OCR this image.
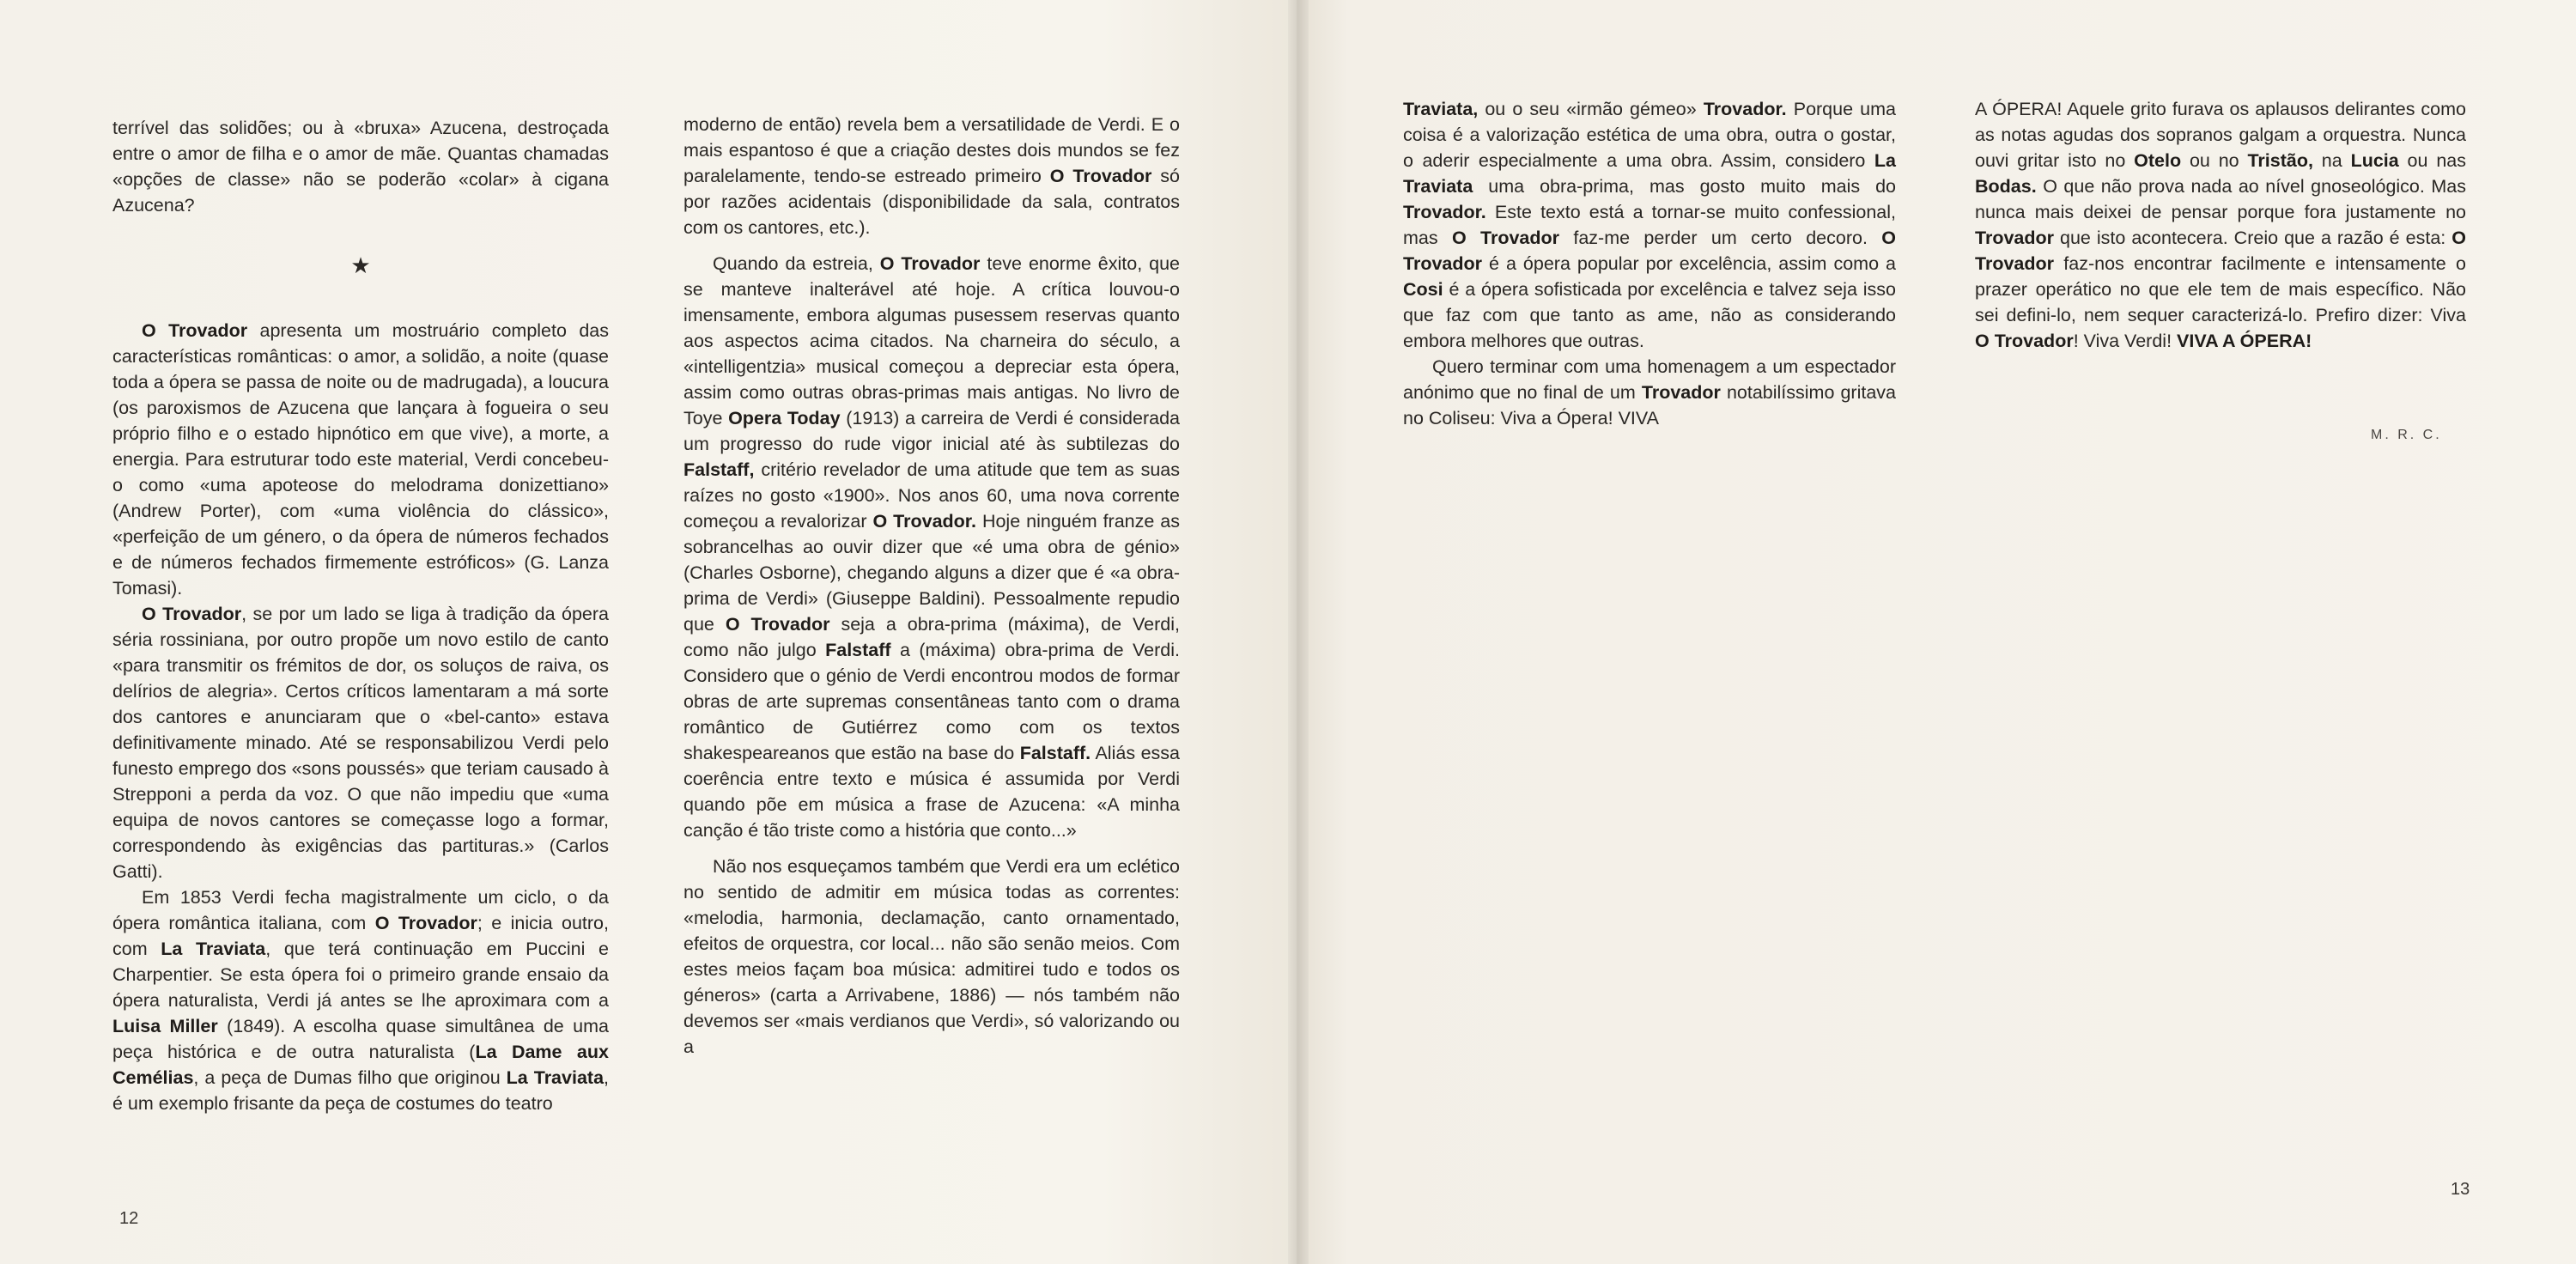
terrível das solidões; ou à «bruxa» Azucena, destroçada entre o amor de filha e o amor de mãe. Quantas chamadas «opções de classe» não se poderão «colar» à cigana Azucena?

★

O Trovador apresenta um mostruário completo das características românticas: o amor, a solidão, a noite (quase toda a ópera se passa de noite ou de madrugada), a loucura (os paroxismos de Azucena que lançara à fogueira o seu próprio filho e o estado hipnótico em que vive), a morte, a energia. Para estruturar todo este material, Verdi concebeu-o como «uma apoteose do melodrama donizettiano» (Andrew Porter), com «uma violência do clássico», «perfeição de um género, o da ópera de números fechados e de números fechados firmemente estróficos» (G. Lanza Tomasi).

O Trovador, se por um lado se liga à tradição da ópera séria rossiniana, por outro propõe um novo estilo de canto «para transmitir os frémitos de dor, os soluços de raiva, os delírios de alegria». Certos críticos lamentaram a má sorte dos cantores e anunciaram que o «bel-canto» estava definitivamente minado. Até se responsabilizou Verdi pelo funesto emprego dos «sons poussés» que teriam causado à Strepponi a perda da voz. O que não impediu que «uma equipa de novos cantores se começasse logo a formar, correspondendo às exigências das partituras.» (Carlos Gatti).

Em 1853 Verdi fecha magistralmente um ciclo, o da ópera romântica italiana, com O Trovador; e inicia outro, com La Traviata, que terá continuação em Puccini e Charpentier. Se esta ópera foi o primeiro grande ensaio da ópera naturalista, Verdi já antes se lhe aproximara com a Luisa Miller (1849). A escolha quase simultânea de uma peça histórica e de outra naturalista (La Dame aux Cemélias, a peça de Dumas filho que originou La Traviata, é um exemplo frisante da peça de costumes do teatro

moderno de então) revela bem a versatilidade de Verdi. E o mais espantoso é que a criação destes dois mundos se fez paralelamente, tendo-se estreado primeiro O Trovador só por razões acidentais (disponibilidade da sala, contratos com os cantores, etc.).

Quando da estreia, O Trovador teve enorme êxito, que se manteve inalterável até hoje. A crítica louvou-o imensamente, embora algumas pusessem reservas quanto aos aspectos acima citados. Na charneira do século, a «intelligentzia» musical começou a depreciar esta ópera, assim como outras obras-primas mais antigas. No livro de Toye Opera Today (1913) a carreira de Verdi é considerada um progresso do rude vigor inicial até às subtilezas do Falstaff, critério revelador de uma atitude que tem as suas raízes no gosto «1900». Nos anos 60, uma nova corrente começou a revalorizar O Trovador. Hoje ninguém franze as sobrancelhas ao ouvir dizer que «é uma obra de génio» (Charles Osborne), chegando alguns a dizer que é «a obra-prima de Verdi» (Giuseppe Baldini). Pessoalmente repudio que O Trovador seja a obra-prima (máxima), de Verdi, como não julgo Falstaff a (máxima) obra-prima de Verdi. Considero que o génio de Verdi encontrou modos de formar obras de arte supremas consentâneas tanto com o drama romântico de Gutiérrez como com os textos shakespeareanos que estão na base do Falstaff. Aliás essa coerência entre texto e música é assumida por Verdi quando põe em música a frase de Azucena: «A minha canção é tão triste como a história que conto...»

Não nos esqueçamos também que Verdi era um eclético no sentido de admitir em música todas as correntes: «melodia, harmonia, declamação, canto ornamentado, efeitos de orquestra, cor local... não são senão meios. Com estes meios façam boa música: admitirei tudo e todos os géneros» (carta a Arrivabene, 1886) — nós também não devemos ser «mais verdianos que Verdi», só valorizando ou a

Traviata, ou o seu «irmão gémeo» Trovador. Porque uma coisa é a valorização estética de uma obra, outra o gostar, o aderir especialmente a uma obra. Assim, considero La Traviata uma obra-prima, mas gosto muito mais do Trovador. Este texto está a tornar-se muito confessional, mas O Trovador faz-me perder um certo decoro. O Trovador é a ópera popular por excelência, assim como a Cosi é a ópera sofisticada por excelência e talvez seja isso que faz com que tanto as ame, não as considerando embora melhores que outras.

Quero terminar com uma homenagem a um espectador anónimo que no final de um Trovador notabilíssimo gritava no Coliseu: Viva a Ópera! VIVA

A ÓPERA! Aquele grito furava os aplausos delirantes como as notas agudas dos sopranos galgam a orquestra. Nunca ouvi gritar isto no Otelo ou no Tristão, na Lucia ou nas Bodas. O que não prova nada ao nível gnoseológico. Mas nunca mais deixei de pensar porque fora justamente no Trovador que isto acontecera. Creio que a razão é esta: O Trovador faz-nos encontrar facilmente e intensamente o prazer operático no que ele tem de mais específico. Não sei defini-lo, nem sequer caracterizá-lo. Prefiro dizer: Viva O Trovador! Viva Verdi! VIVA A ÓPERA!

M. R. C.
12
13
